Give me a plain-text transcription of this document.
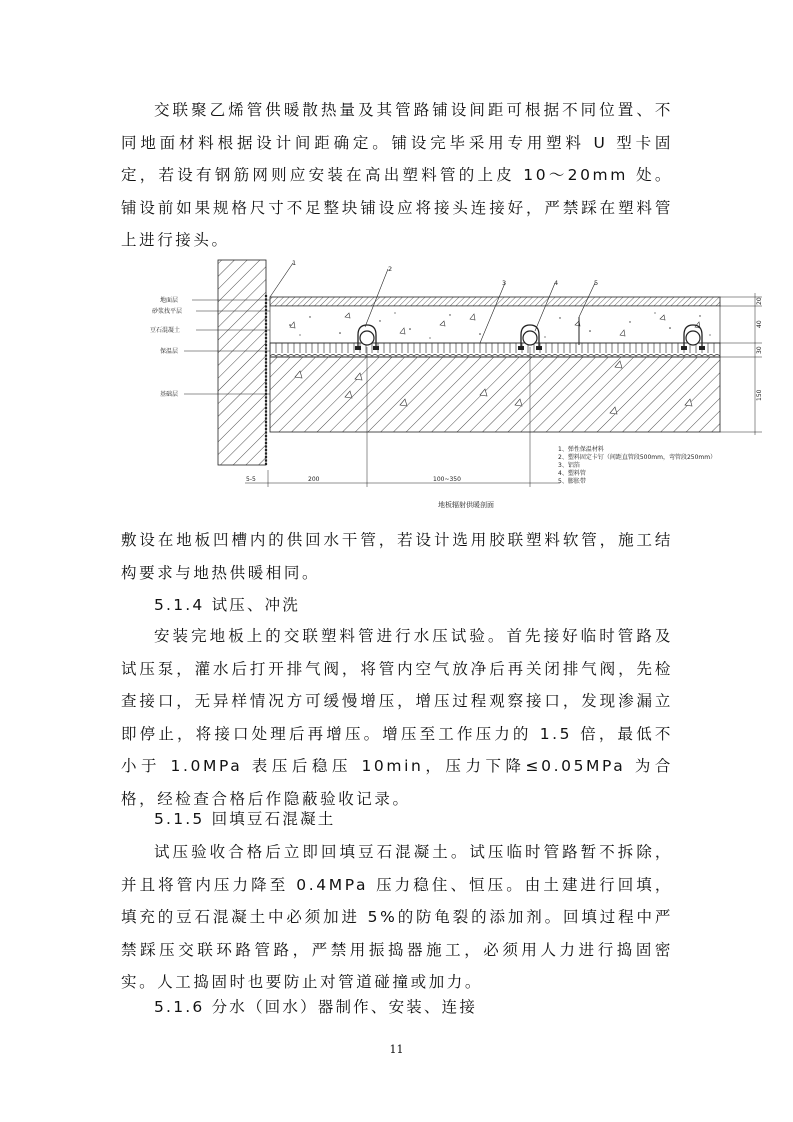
交联聚乙烯管供暖散热量及其管路铺设间距可根据不同位置、不同地面材料根据设计间距确定。铺设完毕采用专用塑料 U 型卡固定，若设有钢筋网则应安装在高出塑料管的上皮 10～20mm 处。铺设前如果规格尺寸不足整块铺设应将接头连接好，严禁踩在塑料管上进行接头。

1
2
3	4	5
地面层
砂浆找平层
豆石混凝土
保温层
基础层
20
40
30
150
5-5	200	100~350
1、弹性保温材料
2、塑料固定卡钉（间距直管段500mm，弯管段250mm）
3、铝箔
4、塑料管
5、膨胀带
地板辐射供暖剖面

敷设在地板凹槽内的供回水干管，若设计选用胶联塑料软管，施工结构要求与地热供暖相同。

5.1.4 试压、冲洗

安装完地板上的交联塑料管进行水压试验。首先接好临时管路及试压泵，灌水后打开排气阀，将管内空气放净后再关闭排气阀，先检查接口，无异样情况方可缓慢增压，增压过程观察接口，发现渗漏立即停止，将接口处理后再增压。增压至工作压力的 1.5 倍，最低不小于 1.0MPa 表压后稳压 10min，压力下降≤0.05MPa 为合格，经检查合格后作隐蔽验收记录。

5.1.5 回填豆石混凝土

试压验收合格后立即回填豆石混凝土。试压临时管路暂不拆除，并且将管内压力降至 0.4MPa 压力稳住、恒压。由土建进行回填，填充的豆石混凝土中必须加进 5%的防龟裂的添加剂。回填过程中严禁踩压交联环路管路，严禁用振捣器施工，必须用人力进行捣固密实。人工捣固时也要防止对管道碰撞或加力。

5.1.6 分水（回水）器制作、安装、连接

11
